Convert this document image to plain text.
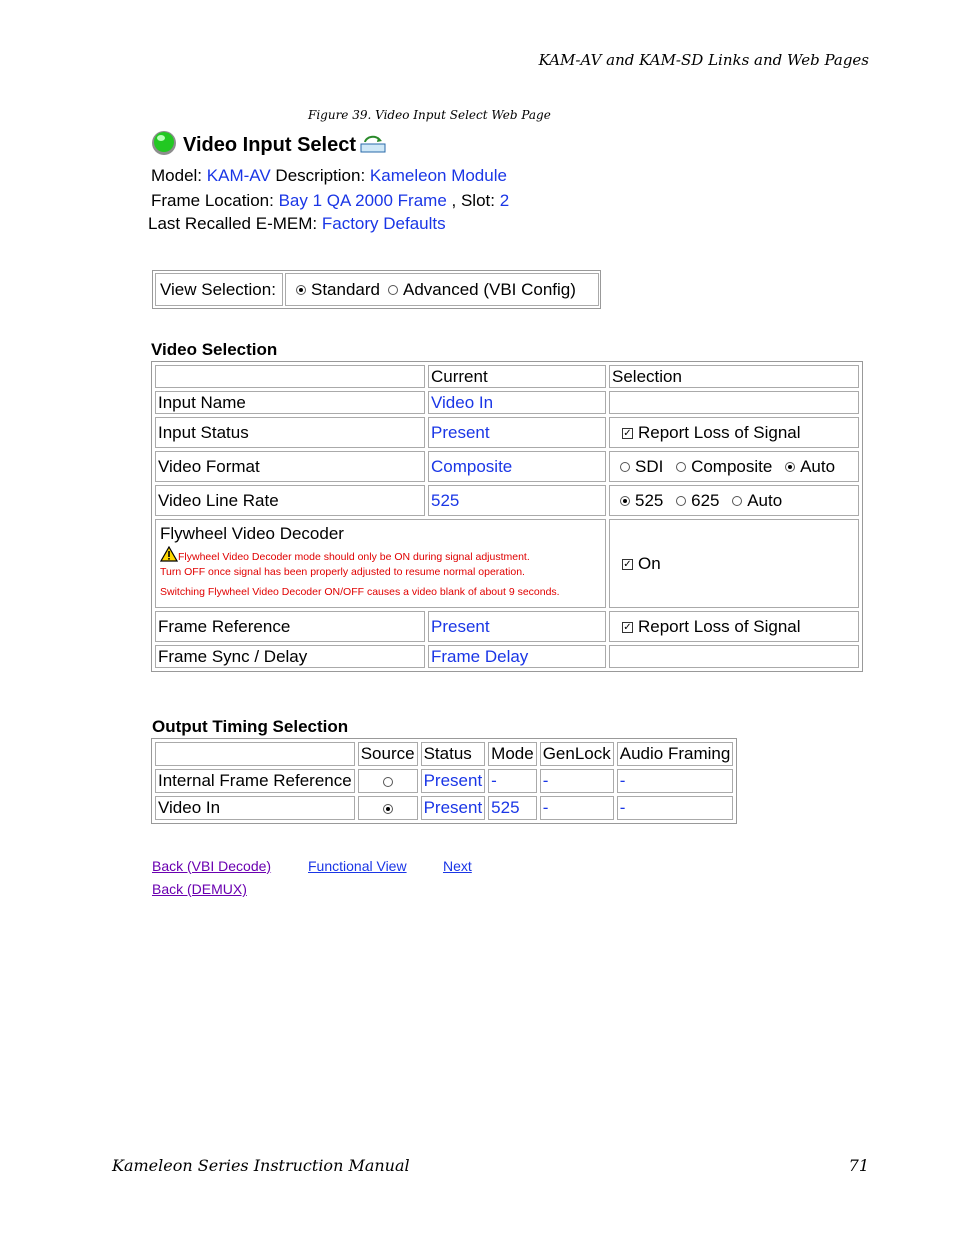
KAM-AV and KAM-SD Links and Web Pages
Figure 39. Video Input Select Web Page
Video Input Select
Model: KAM-AV Description: Kameleon Module
Frame Location: Bay 1 QA 2000 Frame , Slot: 2
Last Recalled E-MEM: Factory Defaults
View Selection:	Standard Advanced (VBI Config)
Video Selection
	Current	Selection
Input Name	Video In	
Input Status	Present	✓ Report Loss of Signal
Video Format	Composite	SDI Composite Auto
Video Line Rate	525	525 625 Auto

Flywheel Video Decoder
Flywheel Video Decoder mode should only be ON during signal adjustment.
Turn OFF once signal has been properly adjusted to resume normal operation.
Switching Flywheel Video Decoder ON/OFF causes a video blank of about 9 seconds.		✓ On
Frame Reference	Present	✓ Report Loss of Signal
Frame Sync / Delay	Frame Delay	
Output Timing Selection
	Source	Status	Mode	GenLock	Audio Framing
Internal Frame Reference		Present	-	-	-
Video In		Present	525	-	-
Back (VBI Decode)	Functional View	Next
Back (DEMUX)
Kameleon Series Instruction Manual	71
